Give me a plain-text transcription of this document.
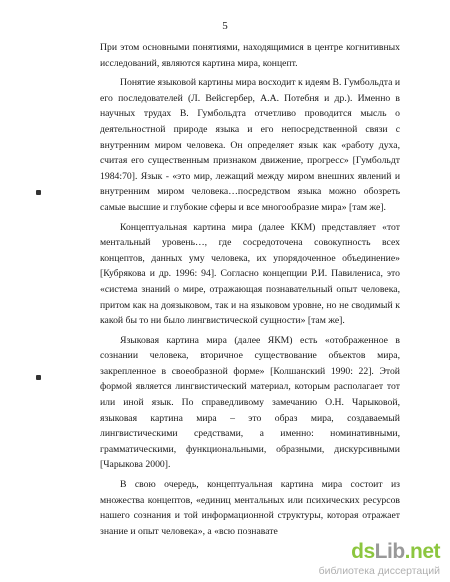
5

При этом основными понятиями, находящимися в центре когнитивных исследований, являются картина мира, концепт.

Понятие языковой картины мира восходит к идеям В. Гумбольдта и его последователей (Л. Вейсгербер, А.А. Потебня и др.). Именно в научных трудах В. Гумбольдта отчетливо проводится мысль о деятельностной природе языка и его непосредственной связи с внутренним миром человека. Он определяет язык как «работу духа, считая его существенным признаком движение, прогресс» [Гумбольдт 1984:70]. Язык - «это мир, лежащий между миром внешних явлений и внутренним миром человека…посредством языка можно обозреть самые высшие и глубокие сферы и все многообразие мира» [там же].

Концептуальная картина мира (далее ККМ) представляет «тот ментальный уровень…, где сосредоточена совокупность всех концептов, данных уму человека, их упорядоченное объединение» [Кубрякова и др. 1996: 94]. Согласно концепции Р.И. Павилениса, это «система знаний о мире, отражающая познавательный опыт человека, притом как на доязыковом, так и на языковом уровне, но не сводимый к какой бы то ни было лингвистической сущности» [там же].

Языковая картина мира (далее ЯКМ) есть «отображенное в сознании человека, вторичное существование объектов мира, закрепленное в своеобразной форме» [Колшанский 1990: 22]. Этой формой является лингвистический материал, которым располагает тот или иной язык. По справедливому замечанию О.Н. Чарыковой, языковая картина мира – это образ мира, создаваемый лингвистическими средствами, а именно: номинативными, грамматическими, функциональными, образными, дискурсивными [Чарыкова 2000].

В свою очередь, концептуальная картина мира состоит из множества концептов, «единиц ментальных или психических ресурсов нашего сознания и той информационной структуры, которая отражает знание и опыт человека», а «всю познавате

dsLib.net
библиотека диссертаций
